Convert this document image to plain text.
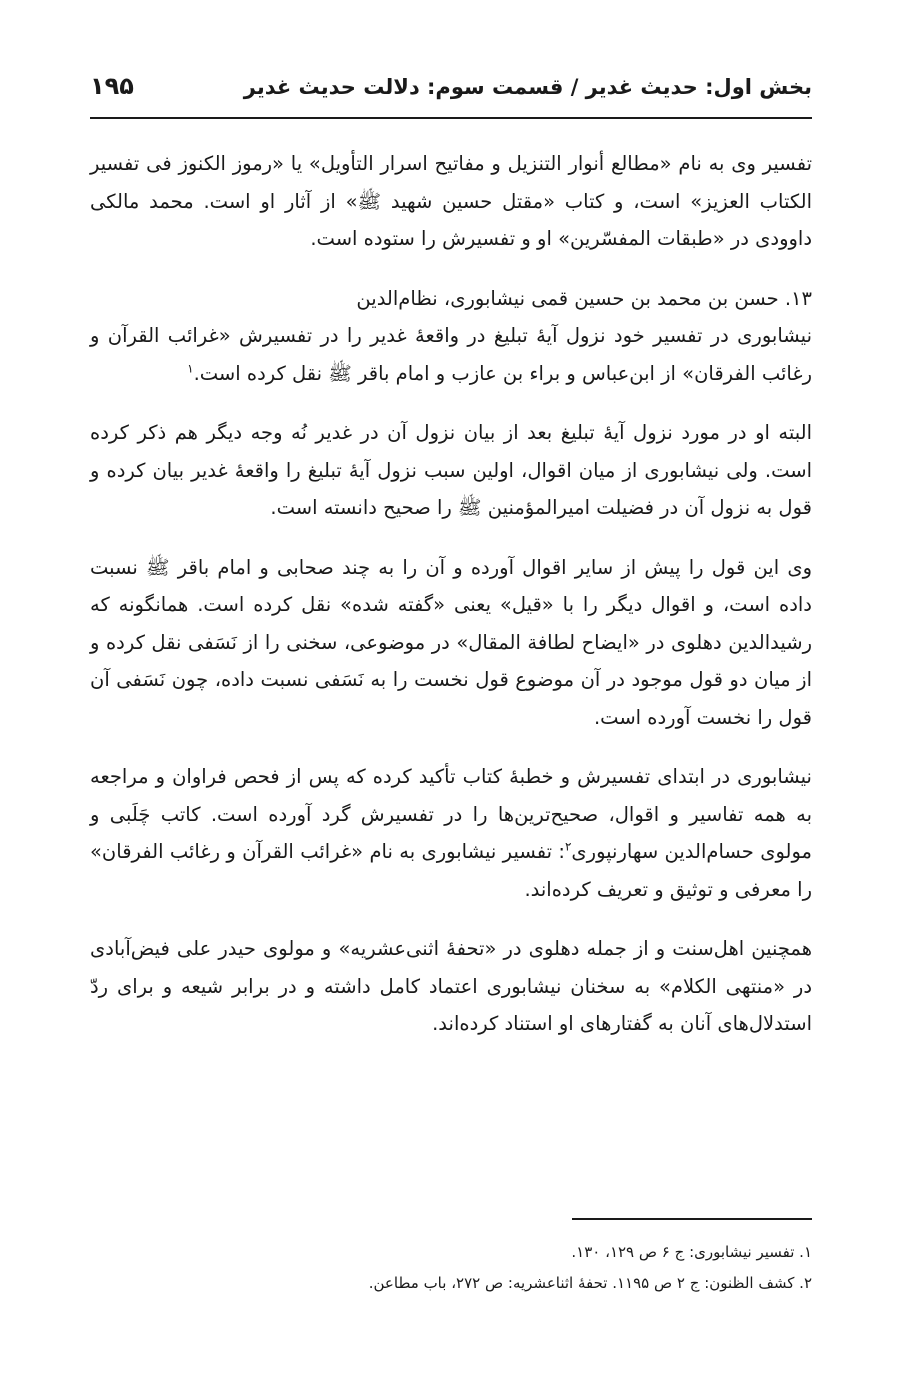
بخش اول: حدیث غدیر / قسمت سوم: دلالت حدیث غدیر
۱۹۵

تفسیر وی به نام «مطالع أنوار التنزیل و مفاتیح اسرار التأویل» یا «رموز الکنوز فی تفسیر الکتاب العزیز» است، و کتاب «مقتل حسین شهید ﷺ» از آثار او است. محمد مالکی داوودی در «طبقات المفسّرین» او و تفسیرش را ستوده است.

۱۳. حسن بن محمد بن حسین قمی نیشابوری، نظام‌الدین

نیشابوری در تفسیر خود نزول آیهٔ تبلیغ در واقعهٔ غدیر را در تفسیرش «غرائب القرآن و رغائب الفرقان» از ابن‌عباس و براء بن عازب و امام باقر ﷺ نقل کرده است.$^۱$

البته او در مورد نزول آیهٔ تبلیغ بعد از بیان نزول آن در غدیر نُه وجه دیگر هم ذکر کرده است. ولی نیشابوری از میان اقوال، اولین سبب نزول آیهٔ تبلیغ را واقعهٔ غدیر بیان کرده و قول به نزول آن در فضیلت امیرالمؤمنین ﷺ را صحیح دانسته است.

وی این قول را پیش از سایر اقوال آورده و آن را به چند صحابی و امام باقر ﷺ نسبت داده است، و اقوال دیگر را با «قیل» یعنی «گفته شده» نقل کرده است. همانگونه که رشیدالدین دهلوی در «ایضاح لطافة المقال» در موضوعی، سخنی را از نَسَفی نقل کرده و از میان دو قول موجود در آن موضوع قول نخست را به نَسَفی نسبت داده، چون نَسَفی آن قول را نخست آورده است.

نیشابوری در ابتدای تفسیرش و خطبهٔ کتاب تأکید کرده که پس از فحص فراوان و مراجعه به همه تفاسیر و اقوال، صحیح‌ترین‌ها را در تفسیرش گرد آورده است. کاتب چَلَبی و مولوی حسام‌الدین سهارنپوری$^۲$: تفسیر نیشابوری به نام «غرائب القرآن و رغائب الفرقان» را معرفی و توثیق و تعریف کرده‌اند.

همچنین اهل‌سنت و از جمله دهلوی در «تحفهٔ اثنی‌عشریه» و مولوی حیدر علی فیض‌آبادی در «منتهی الکلام» به سخنان نیشابوری اعتماد کامل داشته و در برابر شیعه و برای ردّ استدلال‌های آنان به گفتارهای او استناد کرده‌اند.

۱. تفسیر نیشابوری: ج ۶ ص ۱۲۹، ۱۳۰.
۲. کشف الظنون: ج ۲ ص ۱۱۹۵. تحفهٔ اثناعشریه: ص ۲۷۲، باب مطاعن.
